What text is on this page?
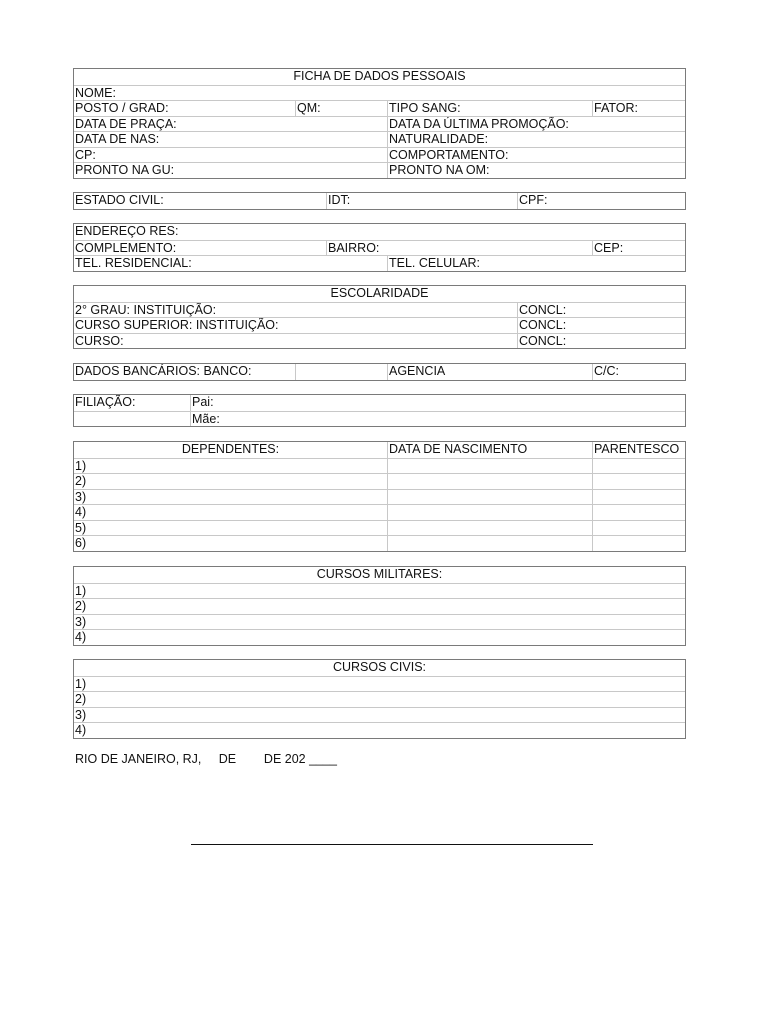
FICHA DE DADOS PESSOAIS
NOME:
POSTO / GRAD:	QM:	TIPO SANG:	FATOR:
DATA DE PRAÇA:	DATA DA ÚLTIMA PROMOÇÃO:
DATA DE NAS:	NATURALIDADE:
CP:	COMPORTAMENTO:
PRONTO NA GU:	PRONTO NA OM:
ESTADO CIVIL:	IDT:	CPF:
ENDEREÇO RES:
COMPLEMENTO:	BAIRRO:	CEP:
TEL. RESIDENCIAL:	TEL. CELULAR:
ESCOLARIDADE
2° GRAU: INSTITUIÇÃO:	CONCL:
CURSO SUPERIOR: INSTITUIÇÃO:	CONCL:
CURSO:	CONCL:
DADOS BANCÁRIOS: BANCO:	AGENCIA	C/C:
FILIAÇÃO:	Pai:
Mãe:
DEPENDENTES:	DATA DE NASCIMENTO	PARENTESCO
1)
2)
3)
4)
5)
6)
CURSOS MILITARES:
1)
2)
3)
4)
CURSOS CIVIS:
1)
2)
3)
4)
RIO DE JANEIRO, RJ,     DE        DE 202 ____
